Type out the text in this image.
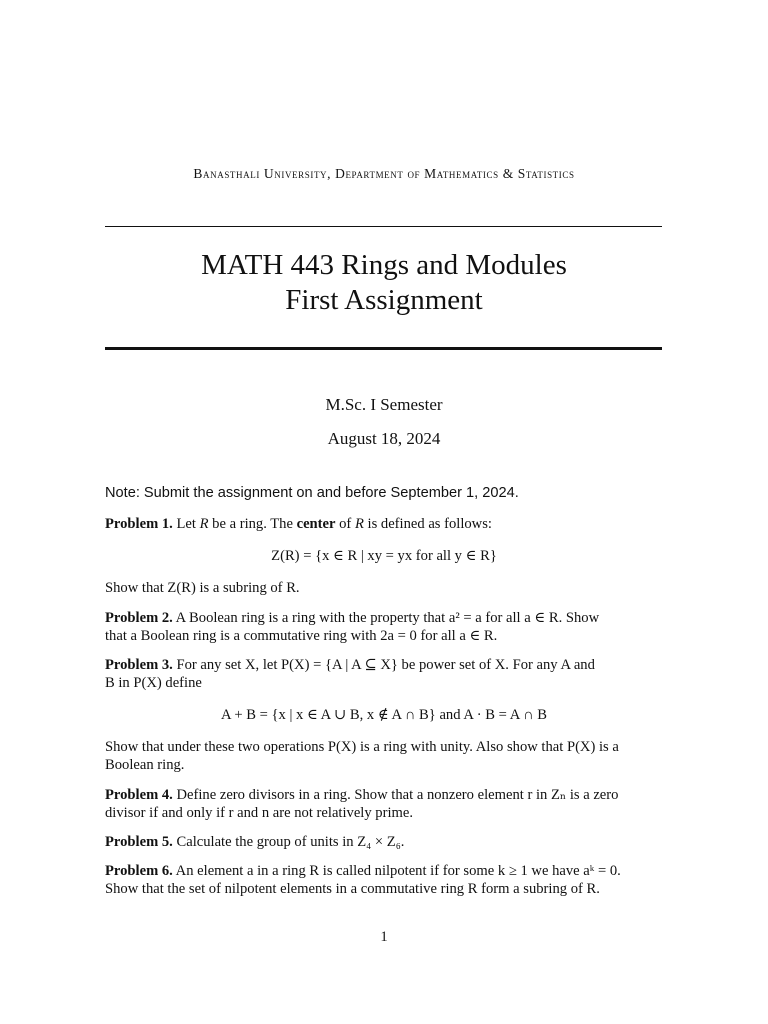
Banasthali University, Department of Mathematics & Statistics
MATH 443 Rings and Modules
First Assignment
M.Sc. I Semester
August 18, 2024
Note: Submit the assignment on and before September 1, 2024.
Problem 1. Let R be a ring. The center of R is defined as follows:
Z(R) = {x ∈ R | xy = yx for all y ∈ R}
Show that Z(R) is a subring of R.
Problem 2. A Boolean ring is a ring with the property that a² = a for all a ∈ R. Show
that a Boolean ring is a commutative ring with 2a = 0 for all a ∈ R.
Problem 3. For any set X, let P(X) = {A | A ⊆ X} be power set of X. For any A and
B in P(X) define
A + B = {x | x ∈ A ∪ B, x ∉ A ∩ B} and A · B = A ∩ B
Show that under these two operations P(X) is a ring with unity. Also show that P(X) is a
Boolean ring.
Problem 4. Define zero divisors in a ring. Show that a nonzero element r in Zₙ is a zero
divisor if and only if r and n are not relatively prime.
Problem 5. Calculate the group of units in Z₄ × Z₆.
Problem 6. An element a in a ring R is called nilpotent if for some k ≥ 1 we have aᵏ = 0.
Show that the set of nilpotent elements in a commutative ring R form a subring of R.
1
